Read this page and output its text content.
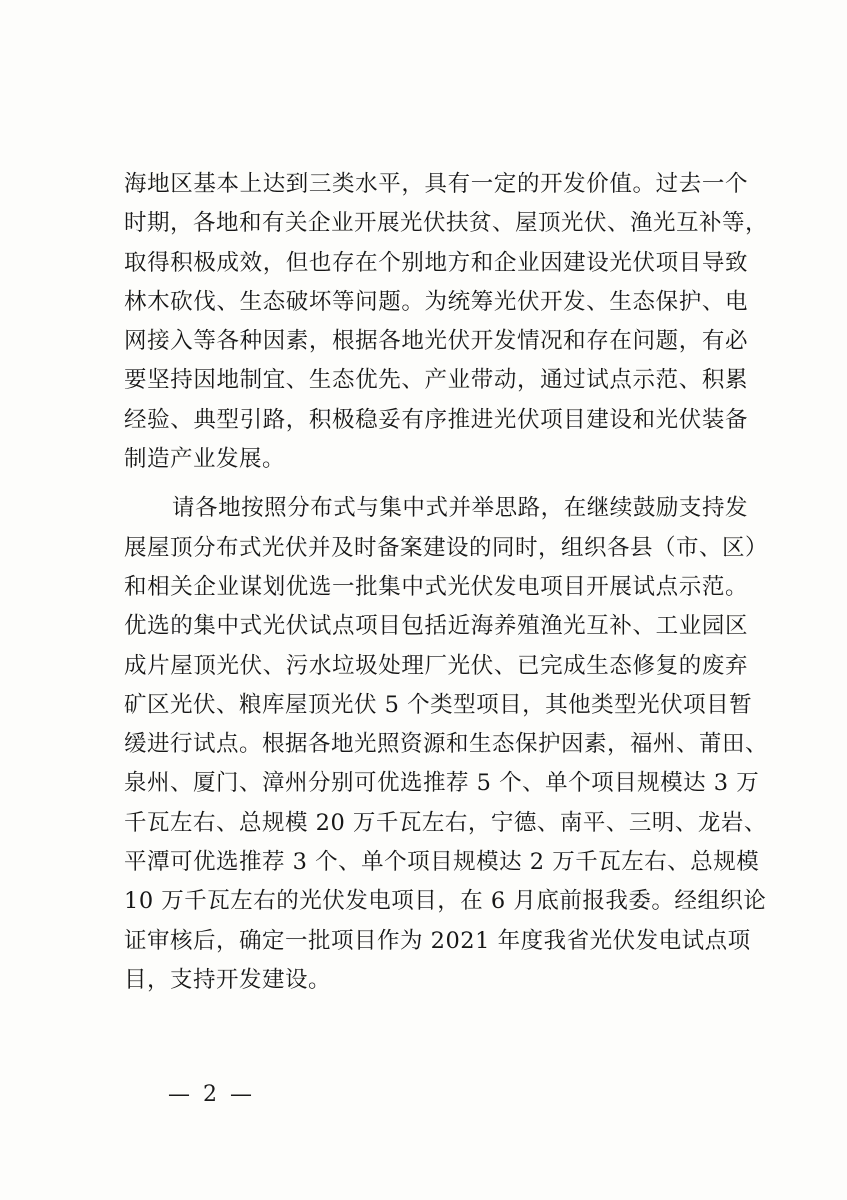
海地区基本上达到三类水平，具有一定的开发价值。过去一个
时期，各地和有关企业开展光伏扶贫、屋顶光伏、渔光互补等，
取得积极成效，但也存在个别地方和企业因建设光伏项目导致
林木砍伐、生态破坏等问题。为统筹光伏开发、生态保护、电
网接入等各种因素，根据各地光伏开发情况和存在问题，有必
要坚持因地制宜、生态优先、产业带动，通过试点示范、积累
经验、典型引路，积极稳妥有序推进光伏项目建设和光伏装备
制造产业发展。
请各地按照分布式与集中式并举思路，在继续鼓励支持发
展屋顶分布式光伏并及时备案建设的同时，组织各县（市、区）
和相关企业谋划优选一批集中式光伏发电项目开展试点示范。
优选的集中式光伏试点项目包括近海养殖渔光互补、工业园区
成片屋顶光伏、污水垃圾处理厂光伏、已完成生态修复的废弃
矿区光伏、粮库屋顶光伏 5 个类型项目，其他类型光伏项目暂
缓进行试点。根据各地光照资源和生态保护因素，福州、莆田、
泉州、厦门、漳州分别可优选推荐 5 个、单个项目规模达 3 万
千瓦左右、总规模 20 万千瓦左右，宁德、南平、三明、龙岩、
平潭可优选推荐 3 个、单个项目规模达 2 万千瓦左右、总规模
10 万千瓦左右的光伏发电项目，在 6 月底前报我委。经组织论
证审核后，确定一批项目作为 2021 年度我省光伏发电试点项
目，支持开发建设。
— 2 —
